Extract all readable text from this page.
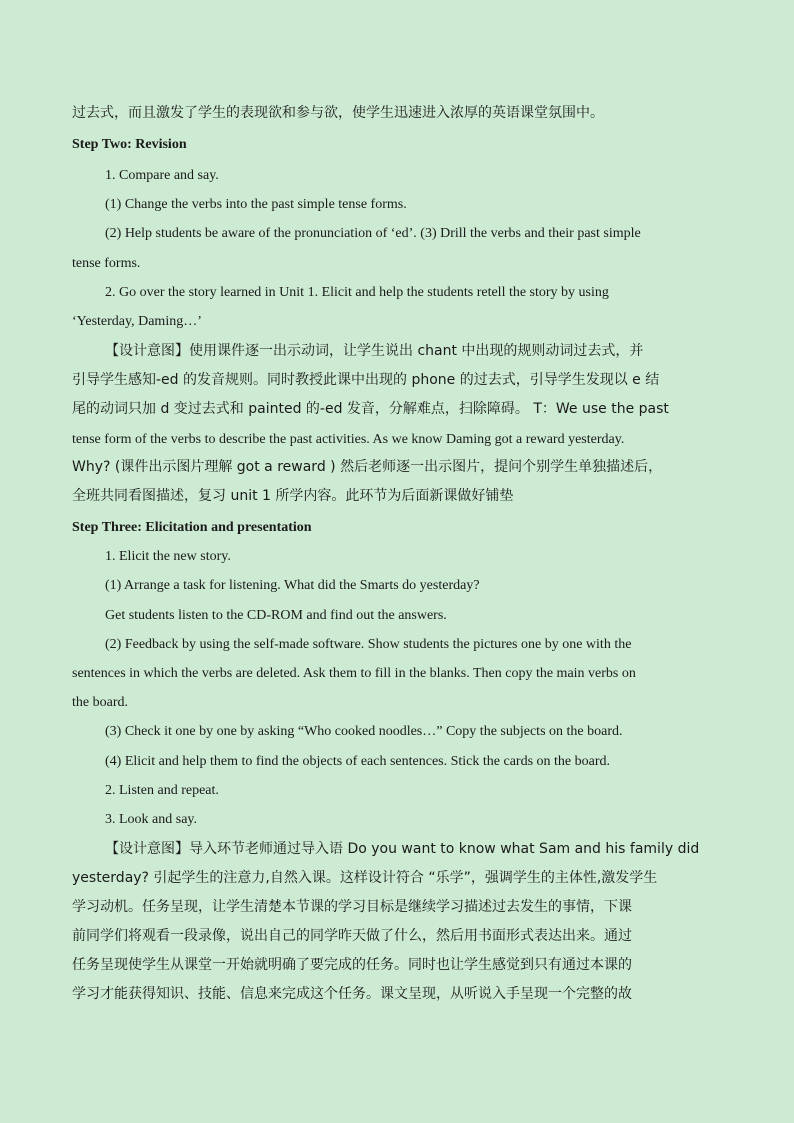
过去式，而且激发了学生的表现欲和参与欲，使学生迅速进入浓厚的英语课堂氛围中。
Step Two: Revision
1. Compare and say.
(1) Change the verbs into the past simple tense forms.
(2) Help students be aware of the pronunciation of ‘ed’. (3) Drill the verbs and their past simple
tense forms.
2. Go over the story learned in Unit 1. Elicit and help the students retell the story by using
‘Yesterday, Daming…’
【设计意图】使用课件逐一出示动词，让学生说出 chant 中出现的规则动词过去式，并
引导学生感知-ed 的发音规则。同时教授此课中出现的 phone 的过去式，引导学生发现以 e 结
尾的动词只加 d 变过去式和 painted 的-ed 发音，分解难点，扫除障碍。 T：We use the past
tense form of the verbs to describe the past activities. As we know Daming got a reward yesterday.
Why? (课件出示图片理解 got a reward ) 然后老师逐一出示图片，提问个别学生单独描述后，
全班共同看图描述，复习 unit 1 所学内容。此环节为后面新课做好铺垫
Step Three: Elicitation and presentation
1. Elicit the new story.
(1) Arrange a task for listening. What did the Smarts do yesterday?
Get students listen to the CD-ROM and find out the answers.
(2) Feedback by using the self-made software. Show students the pictures one by one with the
sentences in which the verbs are deleted. Ask them to fill in the blanks. Then copy the main verbs on
the board.
(3) Check it one by one by asking “Who cooked noodles…” Copy the subjects on the board.
(4) Elicit and help them to find the objects of each sentences. Stick the cards on the board.
2. Listen and repeat.
3. Look and say.
【设计意图】导入环节老师通过导入语 Do you want to know what Sam and his family did
yesterday? 引起学生的注意力,自然入课。这样设计符合 “乐学”，强调学生的主体性,激发学生
学习动机。任务呈现，让学生清楚本节课的学习目标是继续学习描述过去发生的事情，下课
前同学们将观看一段录像，说出自己的同学昨天做了什么，然后用书面形式表达出来。通过
任务呈现使学生从课堂一开始就明确了要完成的任务。同时也让学生感觉到只有通过本课的
学习才能获得知识、技能、信息来完成这个任务。课文呈现，从听说入手呈现一个完整的故
